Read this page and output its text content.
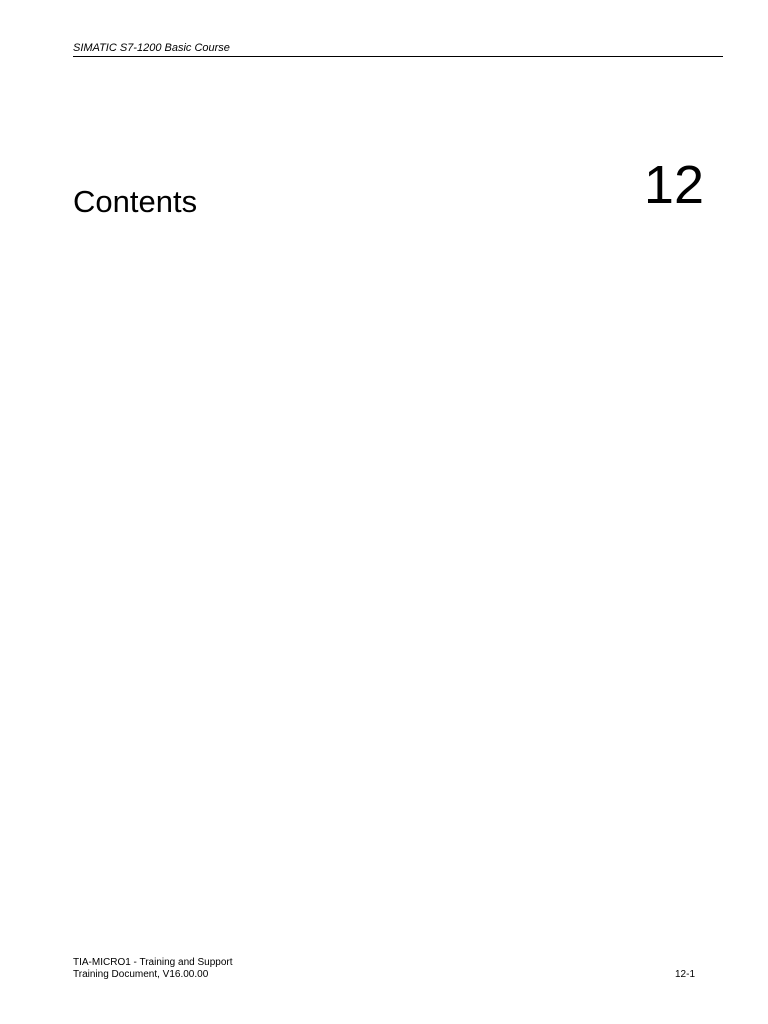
SIMATIC S7-1200 Basic Course
Contents	12
TIA-MICRO1 - Training and Support
Training Document, V16.00.00	12-1
